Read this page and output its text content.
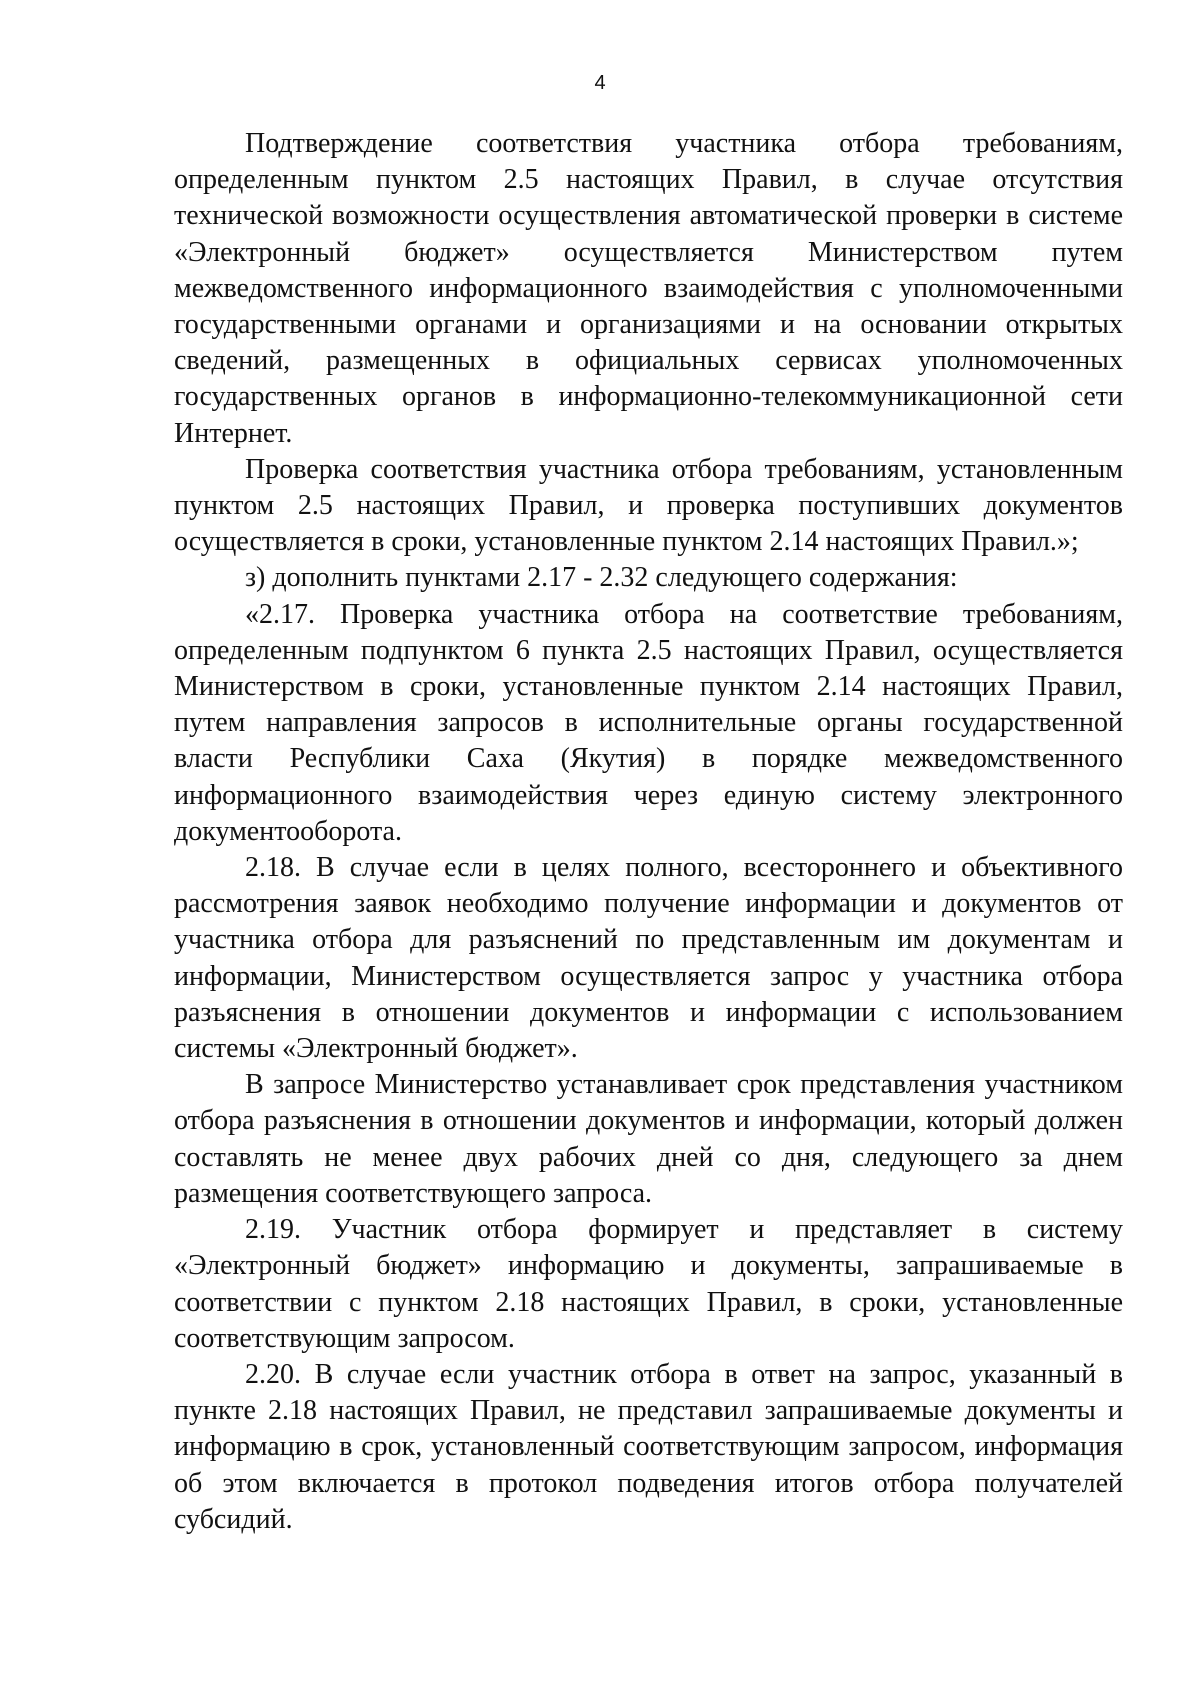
4

Подтверждение соответствия участника отбора требованиям, определенным пунктом 2.5 настоящих Правил, в случае отсутствия технической возможности осуществления автоматической проверки в системе «Электронный бюджет» осуществляется Министерством путем межведомственного информационного взаимодействия с уполномоченными государственными органами и организациями и на основании открытых сведений, размещенных в официальных сервисах уполномоченных государственных органов в информационно-телекоммуникационной сети Интернет.

Проверка соответствия участника отбора требованиям, установленным пунктом 2.5 настоящих Правил, и проверка поступивших документов осуществляется в сроки, установленные пунктом 2.14 настоящих Правил.»;

з) дополнить пунктами 2.17 - 2.32 следующего содержания:

«2.17. Проверка участника отбора на соответствие требованиям, определенным подпунктом 6 пункта 2.5 настоящих Правил, осуществляется Министерством в сроки, установленные пунктом 2.14 настоящих Правил, путем направления запросов в исполнительные органы государственной власти Республики Саха (Якутия) в порядке межведомственного информационного взаимодействия через единую систему электронного документооборота.

2.18. В случае если в целях полного, всестороннего и объективного рассмотрения заявок необходимо получение информации и документов от участника отбора для разъяснений по представленным им документам и информации, Министерством осуществляется запрос у участника отбора разъяснения в отношении документов и информации с использованием системы «Электронный бюджет».

В запросе Министерство устанавливает срок представления участником отбора разъяснения в отношении документов и информации, который должен составлять не менее двух рабочих дней со дня, следующего за днем размещения соответствующего запроса.

2.19. Участник отбора формирует и представляет в систему «Электронный бюджет» информацию и документы, запрашиваемые в соответствии с пунктом 2.18 настоящих Правил, в сроки, установленные соответствующим запросом.

2.20. В случае если участник отбора в ответ на запрос, указанный в пункте 2.18 настоящих Правил, не представил запрашиваемые документы и информацию в срок, установленный соответствующим запросом, информация об этом включается в протокол подведения итогов отбора получателей субсидий.
